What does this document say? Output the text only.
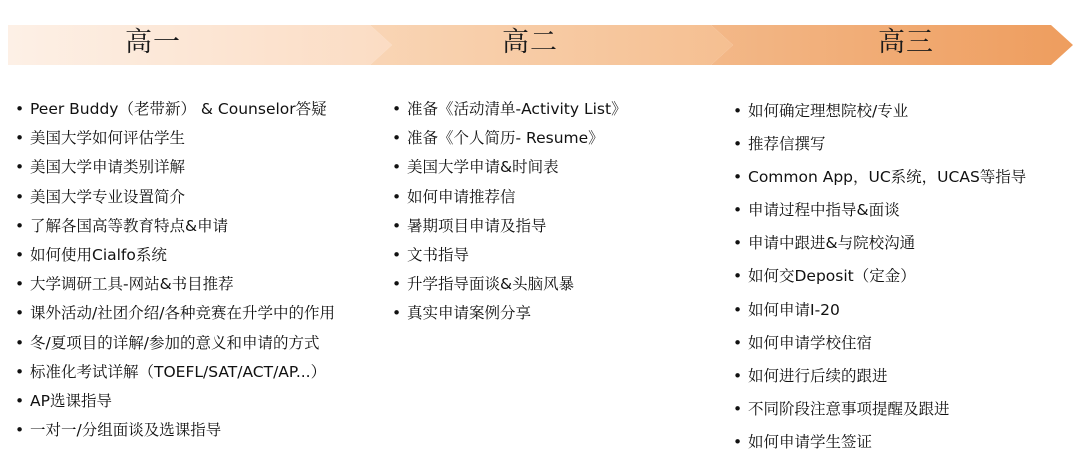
高一	高二	高三
• Peer Buddy（老带新） & Counselor答疑
• 美国大学如何评估学生
• 美国大学申请类别详解
• 美国大学专业设置简介
• 了解各国高等教育特点&申请
• 如何使用Cialfo系统
• 大学调研工具-网站&书目推荐
• 课外活动/社团介绍/各种竞赛在升学中的作用
• 冬/夏项目的详解/参加的意义和申请的方式
• 标准化考试详解（TOEFL/SAT/ACT/AP...）
• AP选课指导
• 一对一/分组面谈及选课指导
• 准备《活动清单-Activity List》
• 准备《个人简历- Resume》
• 美国大学申请&时间表
• 如何申请推荐信
• 暑期项目申请及指导
• 文书指导
• 升学指导面谈&头脑风暴
• 真实申请案例分享
• 如何确定理想院校/专业
• 推荐信撰写
• Common App，UC系统，UCAS等指导
• 申请过程中指导&面谈
• 申请中跟进&与院校沟通
• 如何交Deposit（定金）
• 如何申请I-20
• 如何申请学校住宿
• 如何进行后续的跟进
• 不同阶段注意事项提醒及跟进
• 如何申请学生签证
